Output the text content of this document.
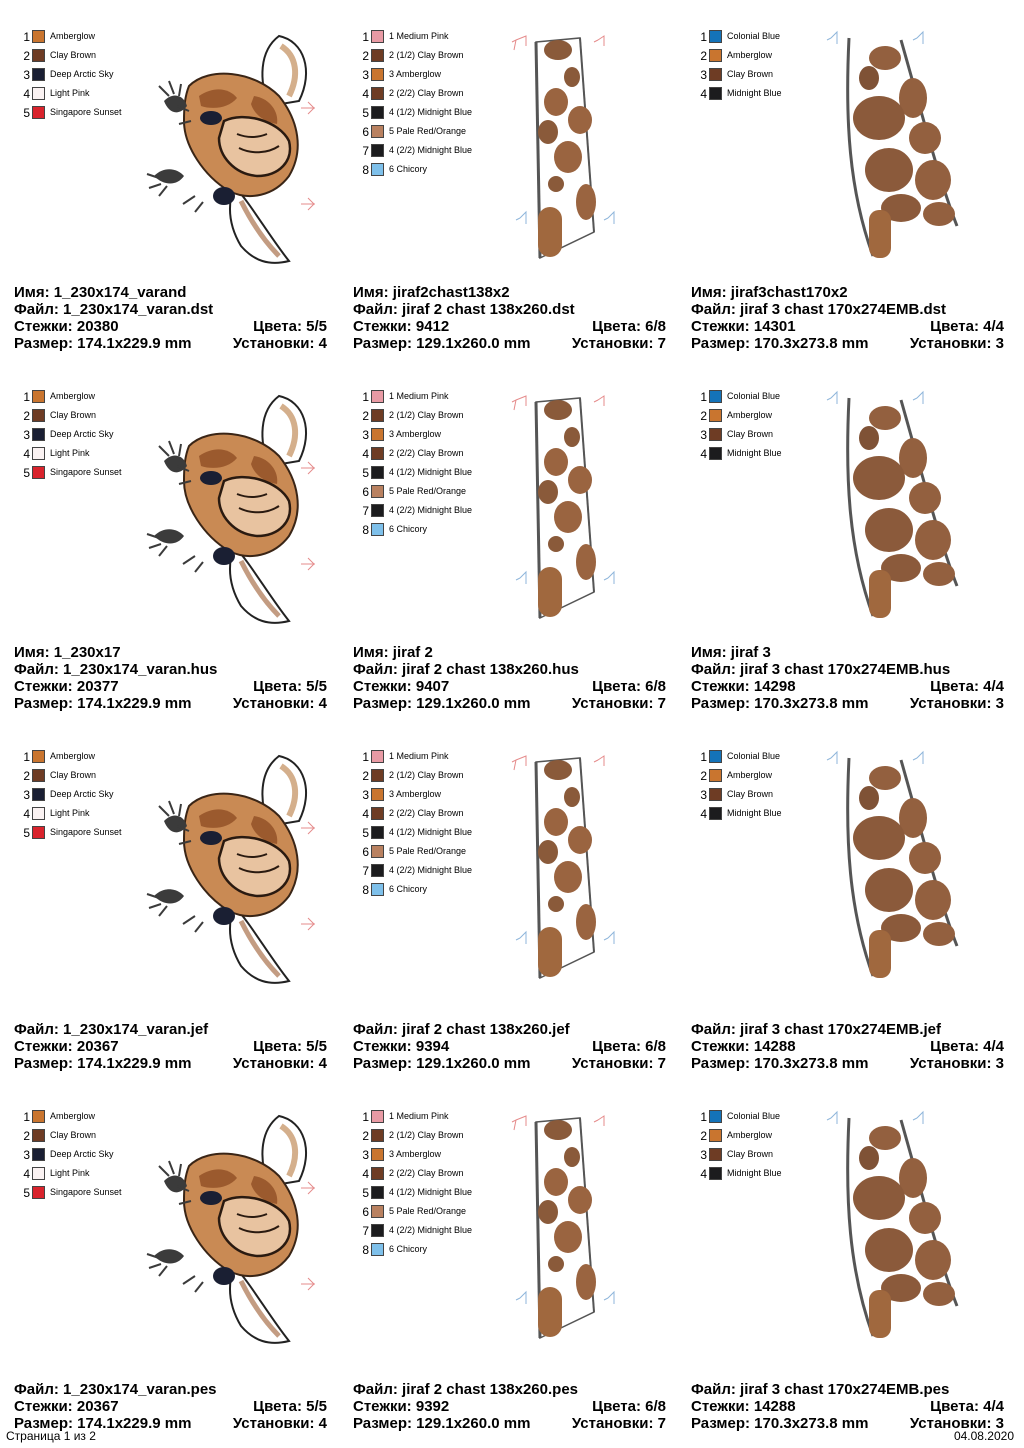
1 Amberglow
2 Clay Brown
3 Deep Arctic Sky
4 Light Pink
5 Singapore Sunset
Имя: 1_230x174_varand
Файл: 1_230x174_varan.dst
Стежки: 20380	Цвета: 5/5
Размер: 174.1x229.9 mm	Установки: 4
1 1 Medium Pink
2 2 (1/2) Clay Brown
3 3 Amberglow
4 2 (2/2) Clay Brown
5 4 (1/2) Midnight Blue
6 5 Pale Red/Orange
7 4 (2/2) Midnight Blue
8 6 Chicory
Имя: jiraf2chast138x2
Файл: jiraf 2 chast 138x260.dst
Стежки: 9412	Цвета: 6/8
Размер: 129.1x260.0 mm	Установки: 7
1 Colonial Blue
2 Amberglow
3 Clay Brown
4 Midnight Blue
Имя: jiraf3chast170x2
Файл: jiraf 3 chast 170x274EMB.dst
Стежки: 14301	Цвета: 4/4
Размер: 170.3x273.8 mm	Установки: 3
1 Amberglow
2 Clay Brown
3 Deep Arctic Sky
4 Light Pink
5 Singapore Sunset
Имя: 1_230x17
Файл: 1_230x174_varan.hus
Стежки: 20377	Цвета: 5/5
Размер: 174.1x229.9 mm	Установки: 4
1 1 Medium Pink
2 2 (1/2) Clay Brown
3 3 Amberglow
4 2 (2/2) Clay Brown
5 4 (1/2) Midnight Blue
6 5 Pale Red/Orange
7 4 (2/2) Midnight Blue
8 6 Chicory
Имя: jiraf 2
Файл: jiraf 2 chast 138x260.hus
Стежки: 9407	Цвета: 6/8
Размер: 129.1x260.0 mm	Установки: 7
1 Colonial Blue
2 Amberglow
3 Clay Brown
4 Midnight Blue
Имя: jiraf 3
Файл: jiraf 3 chast 170x274EMB.hus
Стежки: 14298	Цвета: 4/4
Размер: 170.3x273.8 mm	Установки: 3
1 Amberglow
2 Clay Brown
3 Deep Arctic Sky
4 Light Pink
5 Singapore Sunset
Файл: 1_230x174_varan.jef
Стежки: 20367	Цвета: 5/5
Размер: 174.1x229.9 mm	Установки: 4
1 1 Medium Pink
2 2 (1/2) Clay Brown
3 3 Amberglow
4 2 (2/2) Clay Brown
5 4 (1/2) Midnight Blue
6 5 Pale Red/Orange
7 4 (2/2) Midnight Blue
8 6 Chicory
Файл: jiraf 2 chast 138x260.jef
Стежки: 9394	Цвета: 6/8
Размер: 129.1x260.0 mm	Установки: 7
1 Colonial Blue
2 Amberglow
3 Clay Brown
4 Midnight Blue
Файл: jiraf 3 chast 170x274EMB.jef
Стежки: 14288	Цвета: 4/4
Размер: 170.3x273.8 mm	Установки: 3
1 Amberglow
2 Clay Brown
3 Deep Arctic Sky
4 Light Pink
5 Singapore Sunset
Файл: 1_230x174_varan.pes
Стежки: 20367	Цвета: 5/5
Размер: 174.1x229.9 mm	Установки: 4
1 1 Medium Pink
2 2 (1/2) Clay Brown
3 3 Amberglow
4 2 (2/2) Clay Brown
5 4 (1/2) Midnight Blue
6 5 Pale Red/Orange
7 4 (2/2) Midnight Blue
8 6 Chicory
Файл: jiraf 2 chast 138x260.pes
Стежки: 9392	Цвета: 6/8
Размер: 129.1x260.0 mm	Установки: 7
1 Colonial Blue
2 Amberglow
3 Clay Brown
4 Midnight Blue
Файл: jiraf 3 chast 170x274EMB.pes
Стежки: 14288	Цвета: 4/4
Размер: 170.3x273.8 mm	Установки: 3
Страница 1 из 2	04.08.2020
